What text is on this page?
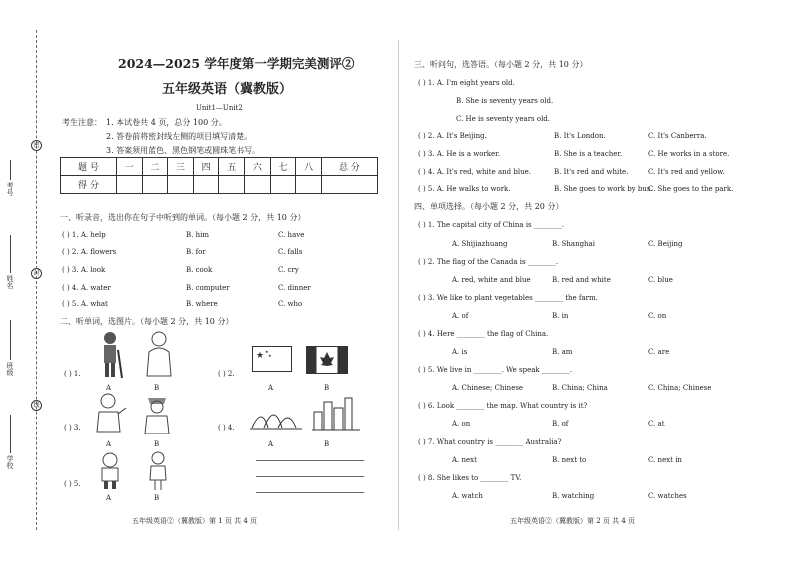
密
封
线
考号
姓名
班级
学校
2024—2025 学年度第一学期完美测评②
五年级英语（冀教版）
Unit1—Unit2
考生注意： 1. 本试卷共 4 页，总分 100 分。
2. 答卷前将密封线左侧的项目填写清楚。
3. 答案须用蓝色、黑色钢笔或圆珠笔书写。
题 号	一	二	三	四	五	六	七	八	总 分
得 分									
一、听录音，选出你在句子中听到的单词。（每小题 2 分，共 10 分）
( ) 1. A. help	B. him	C. have
( ) 2. A. flowers	B. for	C. falls
( ) 3. A. look	B. cook	C. cry
( ) 4. A. water	B. computer	C. dinner
( ) 5. A. what	B. where	C. who
二、听单词，选图片。（每小题 2 分，共 10 分）
( ) 1.
A	B
( ) 2.
★ ★
★
A	B
( ) 3.
A	B
( ) 4.
A	B
( ) 5.
A	B
五年级英语②（冀教版）第 1 页 共 4 页
三、听问句，选答语。（每小题 2 分，共 10 分）
( ) 1. A. I'm eight years old.
B. She is seventy years old.
C. He is seventy years old.
( ) 2. A. It's Beijing.	B. It's London.	C. It's Canberra.
( ) 3. A. He is a worker.	B. She is a teacher.	C. He works in a store.
( ) 4. A. It's red, white and blue.	B. It's red and white.	C. It's red and yellow.
( ) 5. A. He walks to work.	B. She goes to work by bus.
C. She goes to the park.
四、单项选择。（每小题 2 分，共 20 分）
( ) 1. The capital city of China is ________.
A. Shijiazhuang	B. Shanghai	C. Beijing
( ) 2. The flag of the Canada is ________.
A. red, white and blue	B. red and white	C. blue
( ) 3. We like to plant vegetables ________ the farm.
A. of	B. in	C. on
( ) 4. Here ________ the flag of China.
A. is	B. am	C. are
( ) 5. We live in ________. We speak ________.
A. Chinese; Chinese	B. China; China	C. China; Chinese
( ) 6. Look ________ the map. What country is it?
A. on	B. of	C. at
( ) 7. What country is ________ Australia?
A. next	B. next to	C. next in
( ) 8. She likes to ________ TV.
A. watch	B. watching	C. watches
五年级英语②（冀教版）第 2 页 共 4 页
